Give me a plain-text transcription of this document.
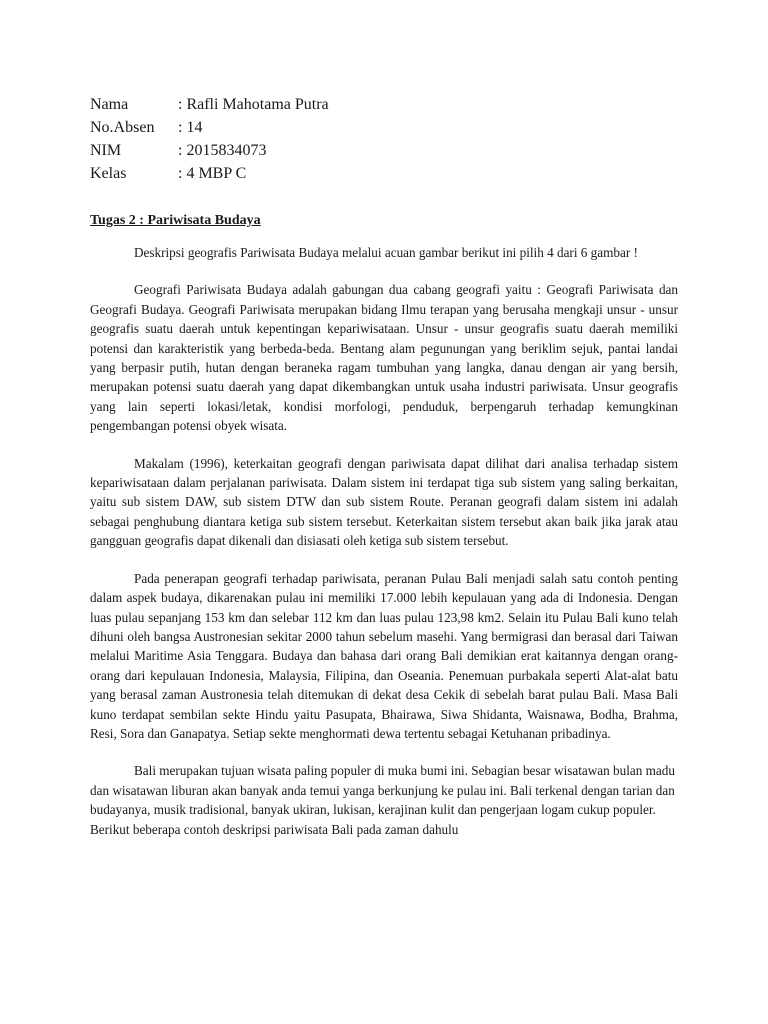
Nama	: Rafli Mahotama Putra
No.Absen	: 14
NIM	: 2015834073
Kelas	: 4 MBP C
Tugas 2 : Pariwisata Budaya

Deskripsi geografis Pariwisata Budaya melalui acuan gambar berikut ini pilih 4 dari 6 gambar !

Geografi Pariwisata Budaya adalah gabungan dua cabang geografi yaitu : Geografi Pariwisata dan Geografi Budaya. Geografi Pariwisata merupakan bidang Ilmu terapan yang berusaha mengkaji unsur - unsur geografis suatu daerah untuk kepentingan kepariwisataan. Unsur - unsur geografis suatu daerah memiliki potensi dan karakteristik yang berbeda-beda. Bentang alam pegunungan yang beriklim sejuk, pantai landai yang berpasir putih, hutan dengan beraneka ragam tumbuhan yang langka, danau dengan air yang bersih, merupakan potensi suatu daerah yang dapat dikembangkan untuk usaha industri pariwisata. Unsur geografis yang lain seperti lokasi/letak, kondisi morfologi, penduduk, berpengaruh terhadap kemungkinan pengembangan potensi obyek wisata.

Makalam (1996), keterkaitan geografi dengan pariwisata dapat dilihat dari analisa terhadap sistem kepariwisataan dalam perjalanan pariwisata. Dalam sistem ini terdapat tiga sub sistem yang saling berkaitan, yaitu sub sistem DAW, sub sistem DTW dan sub sistem Route. Peranan geografi dalam sistem ini adalah sebagai penghubung diantara ketiga sub sistem tersebut. Keterkaitan sistem tersebut akan baik jika jarak atau gangguan geografis dapat dikenali dan disiasati oleh ketiga sub sistem tersebut.

Pada penerapan geografi terhadap pariwisata, peranan Pulau Bali menjadi salah satu contoh penting dalam aspek budaya, dikarenakan pulau ini memiliki 17.000 lebih kepulauan yang ada di Indonesia. Dengan luas pulau sepanjang 153 km dan selebar 112 km dan luas pulau 123,98 km2. Selain itu Pulau Bali kuno telah dihuni oleh bangsa Austronesian sekitar 2000 tahun sebelum masehi. Yang bermigrasi dan berasal dari Taiwan melalui Maritime Asia Tenggara. Budaya dan bahasa dari orang Bali demikian erat kaitannya dengan orang-orang dari kepulauan Indonesia, Malaysia, Filipina, dan Oseania. Penemuan purbakala seperti Alat-alat batu yang berasal zaman Austronesia telah ditemukan di dekat desa Cekik di sebelah barat pulau Bali. Masa Bali kuno terdapat sembilan sekte Hindu yaitu Pasupata, Bhairawa, Siwa Shidanta, Waisnawa, Bodha, Brahma, Resi, Sora dan Ganapatya. Setiap sekte menghormati dewa tertentu sebagai Ketuhanan pribadinya.

Bali merupakan tujuan wisata paling populer di muka bumi ini. Sebagian besar wisatawan bulan madu dan wisatawan liburan akan banyak anda temui yanga berkunjung ke pulau ini. Bali terkenal dengan tarian dan budayanya, musik tradisional, banyak ukiran, lukisan, kerajinan kulit dan pengerjaan logam cukup populer. Berikut beberapa contoh deskripsi pariwisata Bali pada zaman dahulu
